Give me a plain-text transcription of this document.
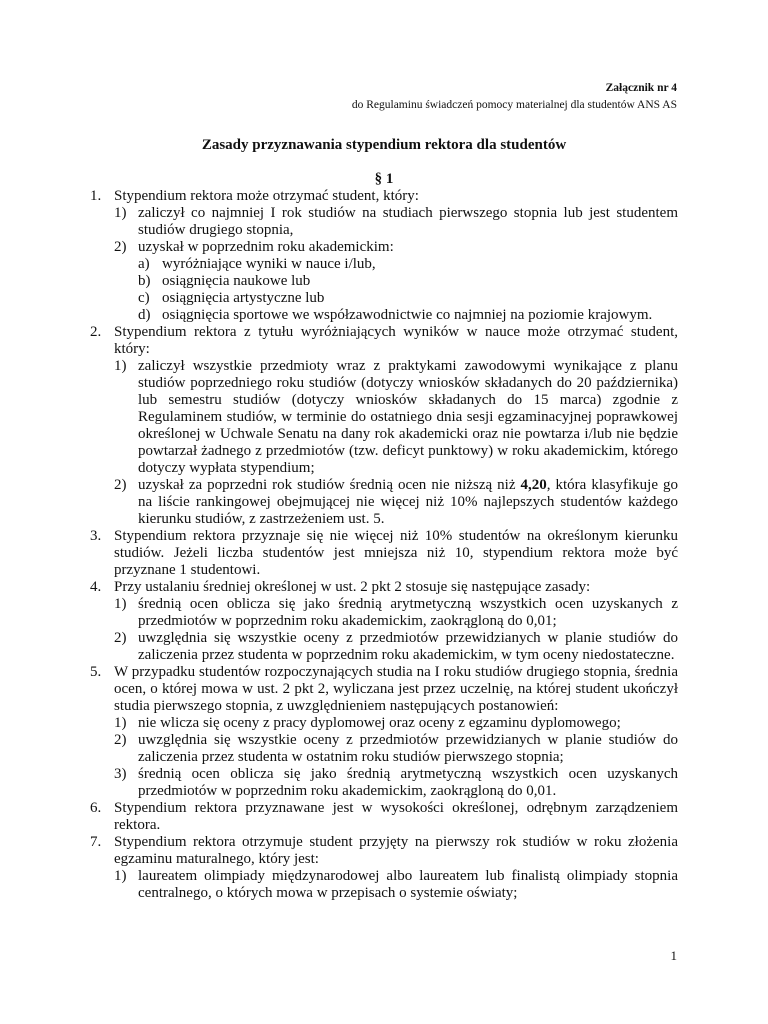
Załącznik nr 4
do Regulaminu świadczeń pomocy materialnej dla studentów ANS AS
Zasady przyznawania stypendium rektora dla studentów
§ 1
1. Stypendium rektora może otrzymać student, który:
1) zaliczył co najmniej I rok studiów na studiach pierwszego stopnia lub jest studentem studiów drugiego stopnia,
2) uzyskał w poprzednim roku akademickim:
a) wyróżniające wyniki w nauce i/lub,
b) osiągnięcia naukowe lub
c) osiągnięcia artystyczne lub
d) osiągnięcia sportowe we współzawodnictwie co najmniej na poziomie krajowym.
2. Stypendium rektora z tytułu wyróżniających wyników w nauce może otrzymać student, który:
1) zaliczył wszystkie przedmioty wraz z praktykami zawodowymi wynikające z planu studiów poprzedniego roku studiów (dotyczy wniosków składanych do 20 października) lub semestru studiów (dotyczy wniosków składanych do 15 marca) zgodnie z Regulaminem studiów, w terminie do ostatniego dnia sesji egzaminacyjnej poprawkowej określonej w Uchwale Senatu na dany rok akademicki oraz nie powtarza i/lub nie będzie powtarzał żadnego z przedmiotów (tzw. deficyt punktowy) w roku akademickim, którego dotyczy wypłata stypendium;
2) uzyskał za poprzedni rok studiów średnią ocen nie niższą niż 4,20, która klasyfikuje go na liście rankingowej obejmującej nie więcej niż 10% najlepszych studentów każdego kierunku studiów, z zastrzeżeniem ust. 5.
3. Stypendium rektora przyznaje się nie więcej niż 10% studentów na określonym kierunku studiów. Jeżeli liczba studentów jest mniejsza niż 10, stypendium rektora może być przyznane 1 studentowi.
4. Przy ustalaniu średniej określonej w ust. 2 pkt 2 stosuje się następujące zasady:
1) średnią ocen oblicza się jako średnią arytmetyczną wszystkich ocen uzyskanych z przedmiotów w poprzednim roku akademickim, zaokrągloną do 0,01;
2) uwzględnia się wszystkie oceny z przedmiotów przewidzianych w planie studiów do zaliczenia przez studenta w poprzednim roku akademickim, w tym oceny niedostateczne.
5. W przypadku studentów rozpoczynających studia na I roku studiów drugiego stopnia, średnia ocen, o której mowa w ust. 2 pkt 2, wyliczana jest przez uczelnię, na której student ukończył studia pierwszego stopnia, z uwzględnieniem następujących postanowień:
1) nie wlicza się oceny z pracy dyplomowej oraz oceny z egzaminu dyplomowego;
2) uwzględnia się wszystkie oceny z przedmiotów przewidzianych w planie studiów do zaliczenia przez studenta w ostatnim roku studiów pierwszego stopnia;
3) średnią ocen oblicza się jako średnią arytmetyczną wszystkich ocen uzyskanych przedmiotów w poprzednim roku akademickim, zaokrągloną do 0,01.
6. Stypendium rektora przyznawane jest w wysokości określonej, odrębnym zarządzeniem rektora.
7. Stypendium rektora otrzymuje student przyjęty na pierwszy rok studiów w roku złożenia egzaminu maturalnego, który jest:
1) laureatem olimpiady międzynarodowej albo laureatem lub finalistą olimpiady stopnia centralnego, o których mowa w przepisach o systemie oświaty;
1
